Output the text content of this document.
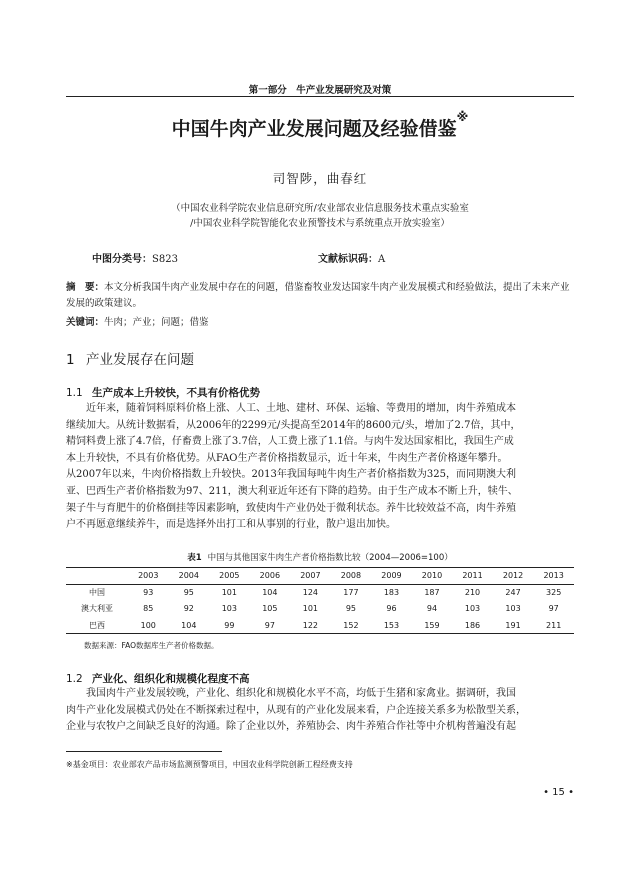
第一部分　牛产业发展研究及对策
中国牛肉产业发展问题及经验借鉴※
司智陟，曲春红
（中国农业科学院农业信息研究所/农业部农业信息服务技术重点实验室
/中国农业科学院智能化农业预警技术与系统重点开放实验室）
中图分类号：S823	文献标识码：A
摘　要：本文分析我国牛肉产业发展中存在的问题，借鉴畜牧业发达国家牛肉产业发展模式和经验做法，提出了未来产业发展的政策建议。
关键词：牛肉；产业；问题；借鉴
1 产业发展存在问题
1.1 生产成本上升较快，不具有价格优势
　　近年来，随着饲料原料价格上涨、人工、土地、建材、环保、运输、等费用的增加，肉牛养殖成本
继续加大。从统计数据看，从2006年的2299元/头提高至2014年的8600元/头，增加了2.7倍，其中，
精饲料费上涨了4.7倍，仔畜费上涨了3.7倍，人工费上涨了1.1倍。与肉牛发达国家相比，我国生产成
本上升较快，不具有价格优势。从FAO生产者价格指数显示，近十年来，牛肉生产者价格逐年攀升。
从2007年以来，牛肉价格指数上升较快。2013年我国每吨牛肉生产者价格指数为325，而同期澳大利
亚、巴西生产者价格指数为97、211，澳大利亚近年还有下降的趋势。由于生产成本不断上升，犊牛、
架子牛与育肥牛的价格倒挂等因素影响，致使肉牛产业仍处于微利状态。养牛比较效益不高，肉牛养殖
户不再愿意继续养牛，而是选择外出打工和从事别的行业，散户退出加快。
表1 中国与其他国家牛肉生产者价格指数比较（2004—2006=100）
	2003	2004	2005	2006	2007	2008	2009	2010	2011	2012	2013
中国	93	95	101	104	124	177	183	187	210	247	325
澳大利亚	85	92	103	105	101	95	96	94	103	103	97
巴西	100	104	99	97	122	152	153	159	186	191	211
数据来源：FAO数据库生产者价格数据。
1.2 产业化、组织化和规模化程度不高
　　我国肉牛产业发展较晚，产业化、组织化和规模化水平不高，均低于生猪和家禽业。据调研，我国
肉牛产业化发展模式仍处在不断探索过程中，从现有的产业化发展来看，户企连接关系多为松散型关系，
企业与农牧户之间缺乏良好的沟通。除了企业以外，养殖协会、肉牛养殖合作社等中介机构普遍没有起
※基金项目：农业部农产品市场监测预警项目，中国农业科学院创新工程经费支持
• 15 •
